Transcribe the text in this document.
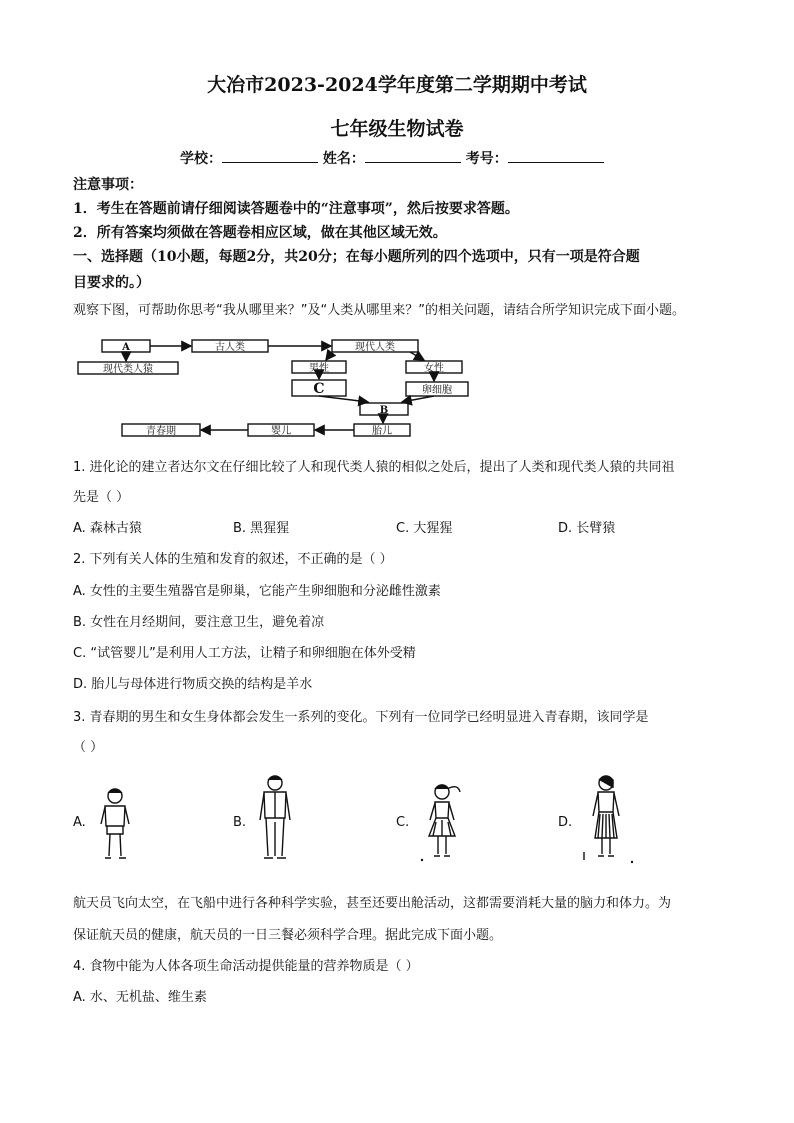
大冶市2023-2024学年度第二学期期中考试
七年级生物试卷
学校：	姓名：	考号：
注意事项：
1．考生在答题前请仔细阅读答题卷中的“注意事项”，然后按要求答题。
2．所有答案均须做在答题卷相应区域，做在其他区域无效。
一、选择题（10小题，每题2分，共20分；在每小题所列的四个选项中，只有一项是符合题
目要求的。）
观察下图，可帮助你思考“我从哪里来？”及“人类从哪里来？”的相关问题，请结合所学知识完成下面小题。
A
现代类人猿
古人类	现代人类
男性	女性
C	卵细胞
B
胎儿
婴儿
青春期
1. 进化论的建立者达尔文在仔细比较了人和现代类人猿的相似之处后，提出了人类和现代类人猿的共同祖
先是（ ）
A. 森林古猿	B. 黑猩猩	C. 大猩猩	D. 长臂猿
2. 下列有关人体的生殖和发育的叙述，不正确的是（ ）
A. 女性的主要生殖器官是卵巢，它能产生卵细胞和分泌雌性激素
B. 女性在月经期间，要注意卫生，避免着凉
C. “试管婴儿”是利用人工方法，让精子和卵细胞在体外受精
D. 胎儿与母体进行物质交换的结构是羊水
3. 青春期的男生和女生身体都会发生一系列的变化。下列有一位同学已经明显进入青春期，该同学是
（ ）
A.	B.	C.	D.
航天员飞向太空，在飞船中进行各种科学实验，甚至还要出舱活动，这都需要消耗大量的脑力和体力。为
保证航天员的健康，航天员的一日三餐必须科学合理。据此完成下面小题。
4. 食物中能为人体各项生命活动提供能量的营养物质是（ ）
A. 水、无机盐、维生素
